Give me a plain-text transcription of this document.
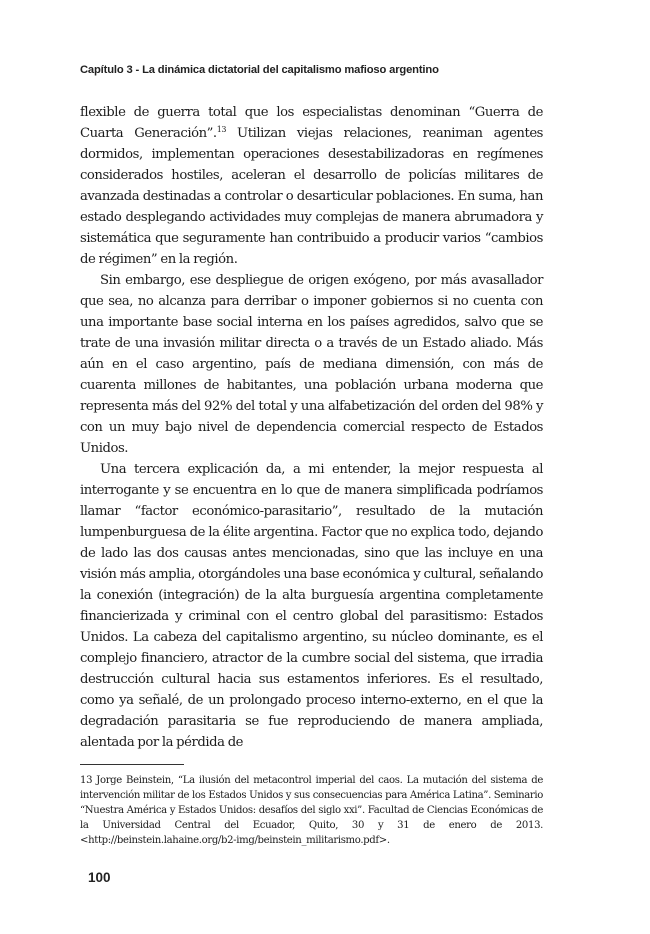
Capítulo 3 - La dinámica dictatorial del capitalismo mafioso argentino

flexible de guerra total que los especialistas denominan “Guerra de Cuarta Generación”.$^{13}$ Utilizan viejas relaciones, reaniman agentes dormidos, implementan operaciones desestabilizadoras en regímenes considerados hostiles, aceleran el desarrollo de policías militares de avanzada destinadas a controlar o desarticular poblaciones. En suma, han estado desplegando actividades muy complejas de manera abrumadora y sistemática que seguramente han contribuido a producir varios “cambios de régimen” en la región.

Sin embargo, ese despliegue de origen exógeno, por más avasallador que sea, no alcanza para derribar o imponer gobiernos si no cuenta con una importante base social interna en los países agredidos, salvo que se trate de una invasión militar directa o a través de un Estado aliado. Más aún en el caso argentino, país de mediana dimensión, con más de cuarenta millones de habitantes, una población urbana moderna que representa más del 92% del total y una alfabetización del orden del 98% y con un muy bajo nivel de dependencia comercial respecto de Estados Unidos.

Una tercera explicación da, a mi entender, la mejor respuesta al interrogante y se encuentra en lo que de manera simplificada podríamos llamar “factor económico-parasitario”, resultado de la mutación lumpenburguesa de la élite argentina. Factor que no explica todo, dejando de lado las dos causas antes mencionadas, sino que las incluye en una visión más amplia, otorgándoles una base económica y cultural, señalando la conexión (integración) de la alta burguesía argentina completamente financierizada y criminal con el centro global del parasitismo: Estados Unidos. La cabeza del capitalismo argentino, su núcleo dominante, es el complejo financiero, atractor de la cumbre social del sistema, que irradia destrucción cultural hacia sus estamentos inferiores. Es el resultado, como ya señalé, de un prolongado proceso interno-externo, en el que la degradación parasitaria se fue reproduciendo de manera ampliada, alentada por la pérdida de

13 Jorge Beinstein, “La ilusión del metacontrol imperial del caos. La mutación del sistema de intervención militar de los Estados Unidos y sus consecuencias para América Latina”. Seminario “Nuestra América y Estados Unidos: desafíos del siglo xxi”. Facultad de Ciencias Económicas de la Universidad Central del Ecuador, Quito, 30 y 31 de enero de 2013. <http://beinstein.lahaine.org/b2-img/beinstein_militarismo.pdf>.

100
